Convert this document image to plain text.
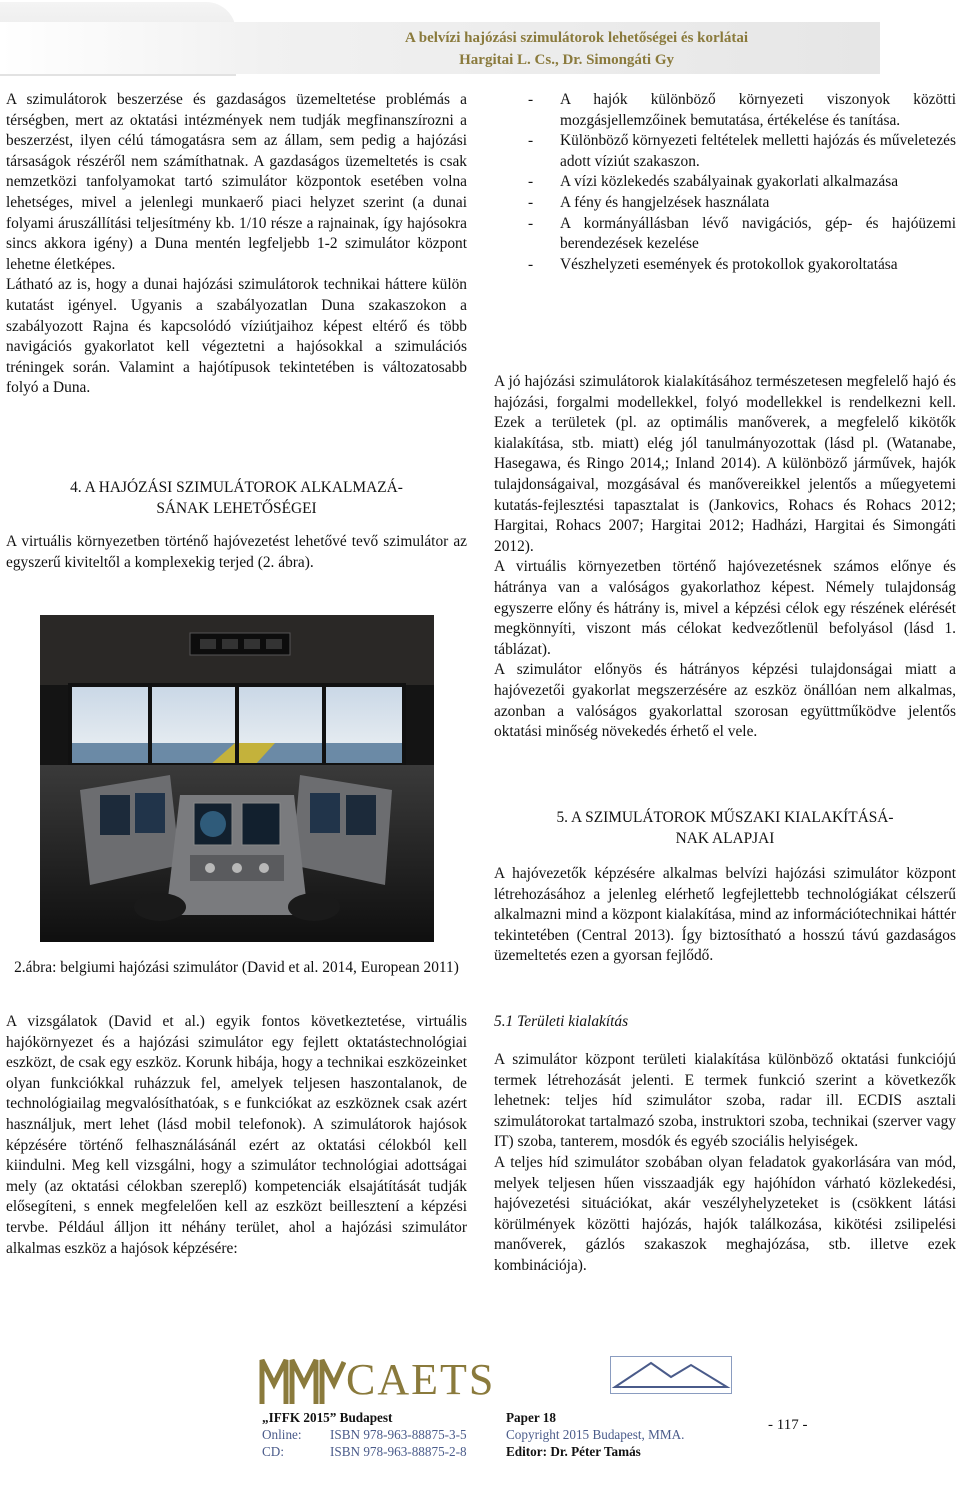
A belvízi hajózási szimulátorok lehetőségei és korlátai
Hargitai L. Cs., Dr. Simongáti Gy

A szimulátorok beszerzése és gazdaságos üzemeltetése problémás a térségben, mert az oktatási intézmények nem tudják megfinanszírozni a beszerzést, ilyen célú támogatásra sem az állam, sem pedig a hajózási társaságok részéről nem számíthatnak. A gazdaságos üzemeltetés is csak nemzetközi tanfolyamokat tartó szimulátor központok esetében volna lehetséges, mivel a jelenlegi munkaerő piaci helyzet szerint (a dunai folyami áruszállítási teljesítmény kb. 1/10 része a rajnainak, így hajósokra sincs akkora igény) a Duna mentén legfeljebb 1-2 szimulátor központ lehetne életképes.

Látható az is, hogy a dunai hajózási szimulátorok technikai háttere külön kutatást igényel. Ugyanis a szabályozatlan Duna szakaszokon a szabályozott Rajna és kapcsolódó víziútjaihoz képest eltérő és több navigációs gyakorlatot kell végeztetni a hajósokkal a szimulációs tréningek során. Valamint a hajótípusok tekintetében is változatosabb folyó a Duna.

4. A HAJÓZÁSI SZIMULÁTOROK ALKALMAZÁ-
SÁNAK LEHETŐSÉGEI

A virtuális környezetben történő hajóvezetést lehetővé tevő szimulátor az egyszerű kiviteltől a komplexekig terjed (2. ábra).

2.ábra: belgiumi hajózási szimulátor (David et al. 2014, European 2011)

A vizsgálatok (David et al.) egyik fontos következtetése, virtuális hajókörnyezet és a hajózási szimulátor egy fejlett oktatástechnológiai eszközt, de csak egy eszköz. Korunk hibája, hogy a technikai eszközeinket olyan funkciókkal ruházzuk fel, amelyek teljesen haszontalanok, de technológiailag megvalósíthatóak, s e funkciókat az eszköznek csak azért használjuk, mert lehet (lásd mobil telefonok). A szimulátorok hajósok képzésére történő felhasználásánál ezért az oktatási célokból kell kiindulni. Meg kell vizsgálni, hogy a szimulátor technológiai adottságai mely (az oktatási célokban szereplő) kompetenciák elsajátítását tudják elősegíteni, s ennek megfelelően kell az eszközt beillesztení a képzési tervbe. Például álljon itt néhány terület, ahol a hajózási szimulátor alkalmas eszköz a hajósok képzésére:

- A hajók különböző környezeti viszonyok közötti mozgásjellemzőinek bemutatása, értékelése és tanítása.
- Különböző környezeti feltételek melletti hajózás és műveletezés adott víziút szakaszon.
- A vízi közlekedés szabályainak gyakorlati alkalmazása
- A fény és hangjelzések használata
- A kormányállásban lévő navigációs, gép- és hajóüzemi berendezések kezelése
- Vészhelyzeti események és protokollok gyakoroltatása

A jó hajózási szimulátorok kialakításához természetesen megfelelő hajó és hajózási, forgalmi modellekkel, folyó modellekkel is rendelkezni kell. Ezek a területek (pl. az optimális manőverek, a megfelelő kikötők kialakítása, stb. miatt) elég jól tanulmányozottak (lásd pl. (Watanabe, Hasegawa, és Ringo 2014,; Inland 2014). A különböző járművek, hajók tulajdonságaival, mozgásával és manővereikkel jelentős a műegyetemi kutatás-fejlesztési tapasztalat is (Jankovics, Rohacs és Rohacs 2012; Hargitai, Rohacs 2007; Hargitai 2012; Hadházi, Hargitai és Simongáti 2012).

A virtuális környezetben történő hajóvezetésnek számos előnye és hátránya van a valóságos gyakorlathoz képest. Némely tulajdonság egyszerre előny és hátrány is, mivel a képzési célok egy részének elérését megkönnyíti, viszont más célokat kedvezőtlenül befolyásol (lásd 1. táblázat).

A szimulátor előnyös és hátrányos képzési tulajdonságai miatt a hajóvezetői gyakorlat megszerzésére az eszköz önállóan nem alkalmas, azonban a valóságos gyakorlattal szorosan együttműködve jelentős oktatási minőség növekedés érhető el vele.

5. A SZIMULÁTOROK MŰSZAKI KIALAKÍTÁSÁ-
NAK ALAPJAI

A hajóvezetők képzésére alkalmas belvízi hajózási szimulátor központ létrehozásához a jelenleg elérhető legfejlettebb technológiákat célszerű alkalmazni mind a központ kialakítása, mind az információtechnikai háttér tekintetében (Central 2013). Így biztosítható a hosszú távú gazdaságos üzemeltetés ezen a gyorsan fejlődő.

5.1 Területi kialakítás

A szimulátor központ területi kialakítása különböző oktatási funkciójú termek létrehozását jelenti. E termek funkció szerint a következők lehetnek: teljes híd szimulátor szoba, radar ill. ECDIS asztali szimulátorokat tartalmazó szoba, instruktori szoba, technikai (szerver vagy IT) szoba, tanterem, mosdók és egyéb szociális helyiségek.

A teljes híd szimulátor szobában olyan feladatok gyakorlására van mód, melyek teljesen hűen visszaadják egy hajóhídon várható közlekedési, hajóvezetési situációkat, akár veszélyhelyzeteket is (csökkent látási körülmények közötti hajózás, hajók találkozása, kikötési zsilipelési manőverek, gázlós szakaszok meghajózása, stb. illetve ezek kombinációja).

CAETS
„IFFK 2015” Budapest
Online: ISBN 978-963-88875-3-5
CD:	ISBN 978-963-88875-2-8
Paper 18
Copyright 2015 Budapest, MMA.
Editor: Dr. Péter Tamás
- 117 -
